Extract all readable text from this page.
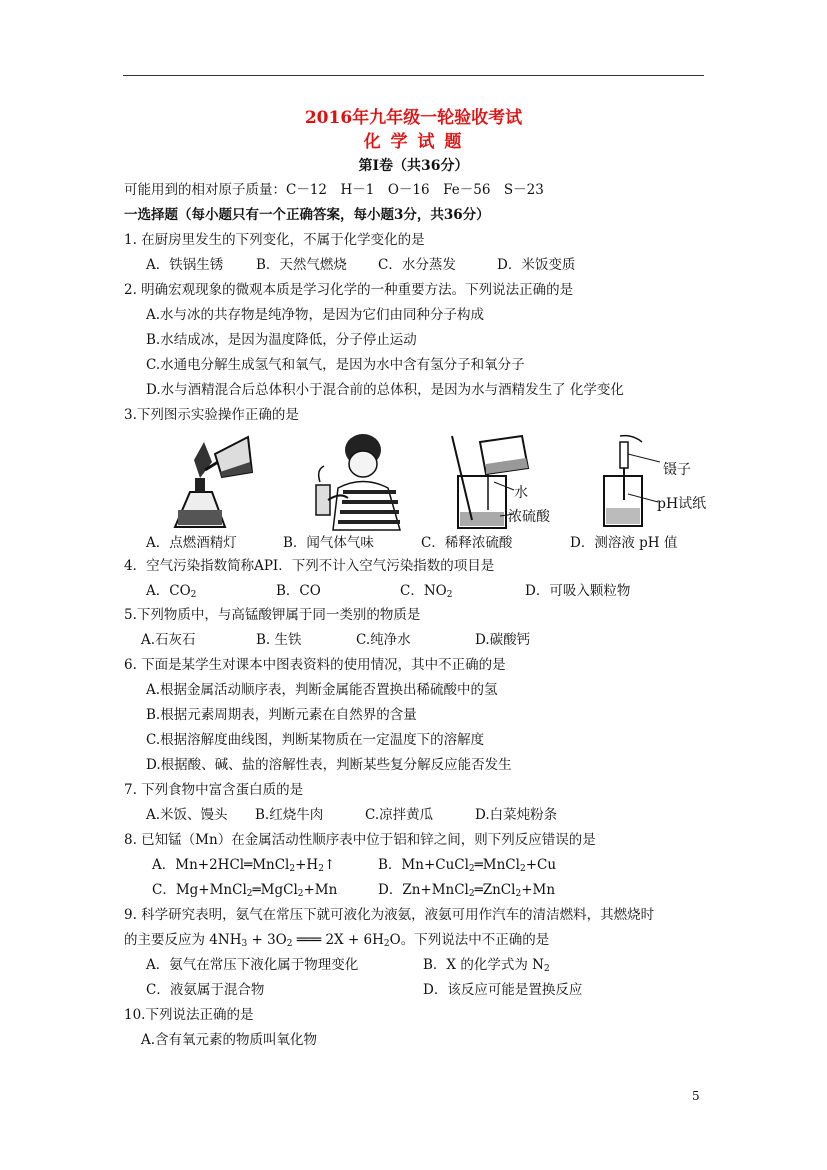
2016年九年级一轮验收考试
化 学 试 题
第Ⅰ卷（共36分）
可能用到的相对原子质量：C－12　H－1　O－16　Fe－56　S－23
一选择题（每小题只有一个正确答案，每小题3分，共36分）
1. 在厨房里发生的下列变化，不属于化学变化的是
A．铁锅生锈 B．天然气燃烧 C．水分蒸发	D．米饭变质
2. 明确宏观现象的微观本质是学习化学的一种重要方法。下列说法正确的是
A.水与冰的共存物是纯净物，是因为它们由同种分子构成
B.水结成冰，是因为温度降低，分子停止运动
C.水通电分解生成氢气和氧气，是因为水中含有氢分子和氧分子
D.水与酒精混合后总体积小于混合前的总体积，是因为水与酒精发生了 化学变化
3.下列图示实验操作正确的是
水
浓硫酸
镊子
pH试纸
A．点燃酒精灯	B．闻气体气味	C．稀释浓硫酸	D．测溶液 pH 值
4．空气污染指数简称API．下列不计入空气污染指数的项目是
A．$CO_2$	B．CO	C．$NO_2$	D．可吸入颗粒物
5.下列物质中，与高锰酸钾属于同一类别的物质是
A.石灰石	B. 生铁	C.纯净水	D.碳酸钙
6. 下面是某学生对课本中图表资料的使用情况，其中不正确的是
A.根据金属活动顺序表，判断金属能否置换出稀硫酸中的氢
B.根据元素周期表，判断元素在自然界的含量
C.根据溶解度曲线图，判断某物质在一定温度下的溶解度
D.根据酸、碱、盐的溶解性表，判断某些复分解反应能否发生
7. 下列食物中富含蛋白质的是
A.米饭、馒头 B.红烧牛肉	C.凉拌黄瓜	D.白菜炖粉条
8. 已知锰（Mn）在金属活动性顺序表中位于铝和锌之间，则下列反应错误的是
A．$Mn+2HCl═MnCl_2+H_2↑$	B．Mn+CuCl$_2$═MnCl$_2$+Cu
C．Mg+MnCl$_2$═MgCl$_2$+Mn	D．Zn+MnCl$_2$═ZnCl$_2$+Mn
9. 科学研究表明，氨气在常压下就可液化为液氨，液氨可用作汽车的清洁燃料，其燃烧时
的主要反应为 $4NH_3 + 3O_2$ ═══ $2X + 6H_2O$。下列说法中不正确的是
A．氨气在常压下液化属于物理变化	B．X 的化学式为 $N_2$
C．液氨属于混合物	D．该反应可能是置换反应
10.下列说法正确的是
A.含有氧元素的物质叫氧化物
5
